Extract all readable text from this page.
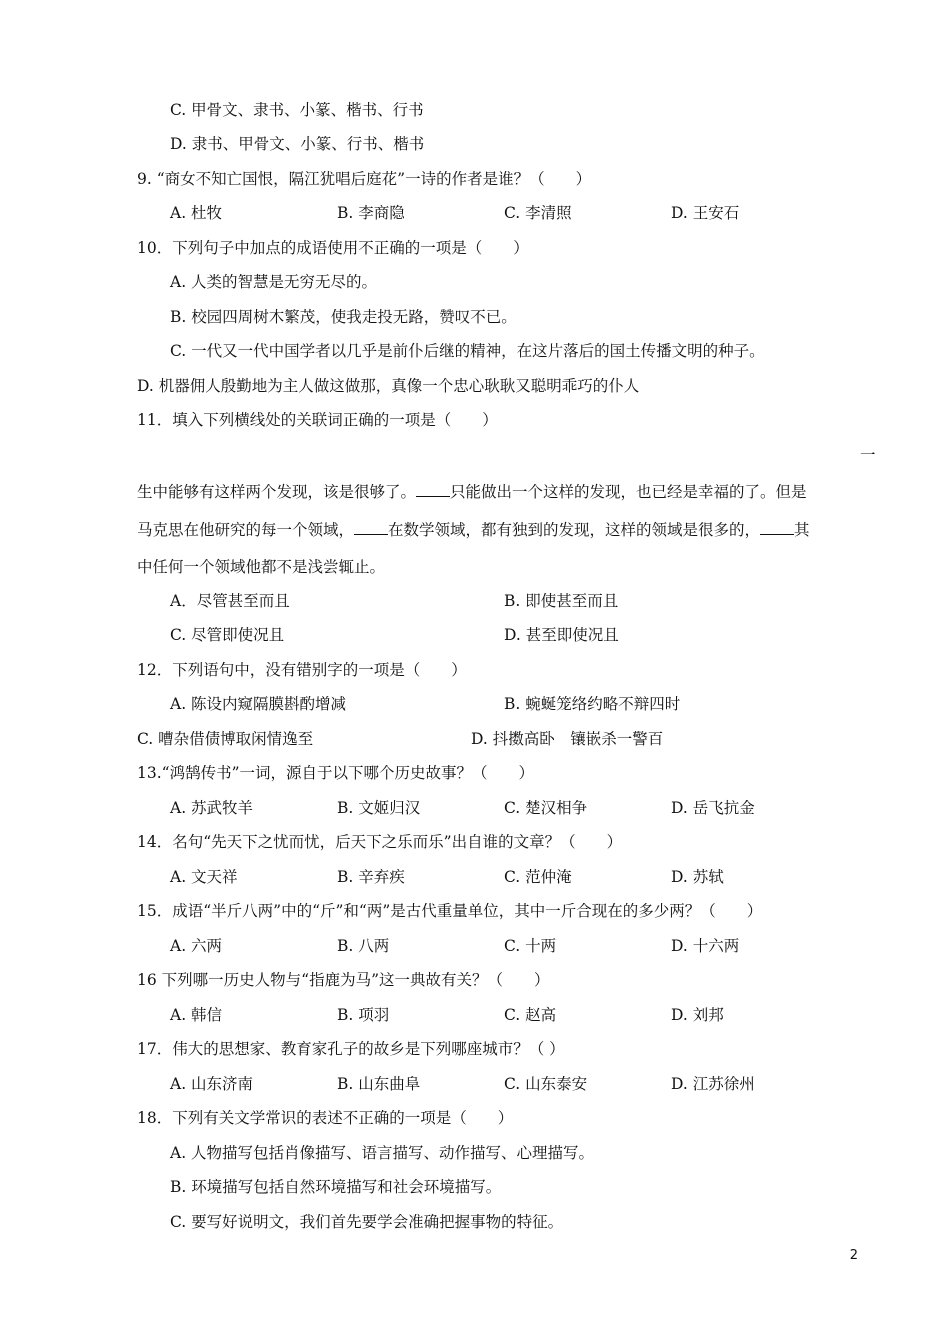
C. 甲骨文、隶书、小篆、楷书、行书
D. 隶书、甲骨文、小篆、行书、楷书
9. “商女不知亡国恨，隔江犹唱后庭花”一诗的作者是谁？（　　）
A. 杜牧	B. 李商隐	C. 李清照	D. 王安石
10．下列句子中加点的成语使用不正确的一项是（　　）
A. 人类的智慧是无穷无尽的。
B. 校园四周树木繁茂，使我走投无路，赞叹不已。
C. 一代又一代中国学者以几乎是前仆后继的精神，在这片落后的国土传播文明的种子。
D. 机器佣人殷勤地为主人做这做那，真像一个忠心耿耿又聪明乖巧的仆人
11．填入下列横线处的关联词正确的一项是（　　）
一
生中能够有这样两个发现，该是很够了。 只能做出一个这样的发现，也已经是幸福的了。但是
马克思在他研究的每一个领域， 在数学领域，都有独到的发现，这样的领域是很多的， 其
中任何一个领域他都不是浅尝辄止。
A．尽管甚至而且	B. 即使甚至而且
C. 尽管即使况且	D. 甚至即使况且
12．下列语句中，没有错别字的一项是（　　）
A. 陈设内窥隔膜斟酌增减	B. 蜿蜒笼络约略不辩四时
C. 嘈杂借债博取闲情逸至	D. 抖擞高卧　镶嵌杀一警百
13.“鸿鹄传书”一词，源自于以下哪个历史故事？（　　）
A. 苏武牧羊	B. 文姬归汉	C. 楚汉相争	D. 岳飞抗金
14．名句“先天下之忧而忧，后天下之乐而乐”出自谁的文章？（　　）
A. 文天祥	B. 辛弃疾	C. 范仲淹	D. 苏轼
15．成语“半斤八两”中的“斤”和“两”是古代重量单位，其中一斤合现在的多少两？（　　）
A. 六两	B. 八两	C. 十两	D. 十六两
16 下列哪一历史人物与“指鹿为马”这一典故有关？（　　）
A. 韩信	B. 项羽	C. 赵高	D. 刘邦
17．伟大的思想家、教育家孔子的故乡是下列哪座城市？（ ）
A. 山东济南	B. 山东曲阜	C. 山东泰安	D. 江苏徐州
18．下列有关文学常识的表述不正确的一项是（　　）
A. 人物描写包括肖像描写、语言描写、动作描写、心理描写。
B. 环境描写包括自然环境描写和社会环境描写。
C. 要写好说明文，我们首先要学会准确把握事物的特征。
2
